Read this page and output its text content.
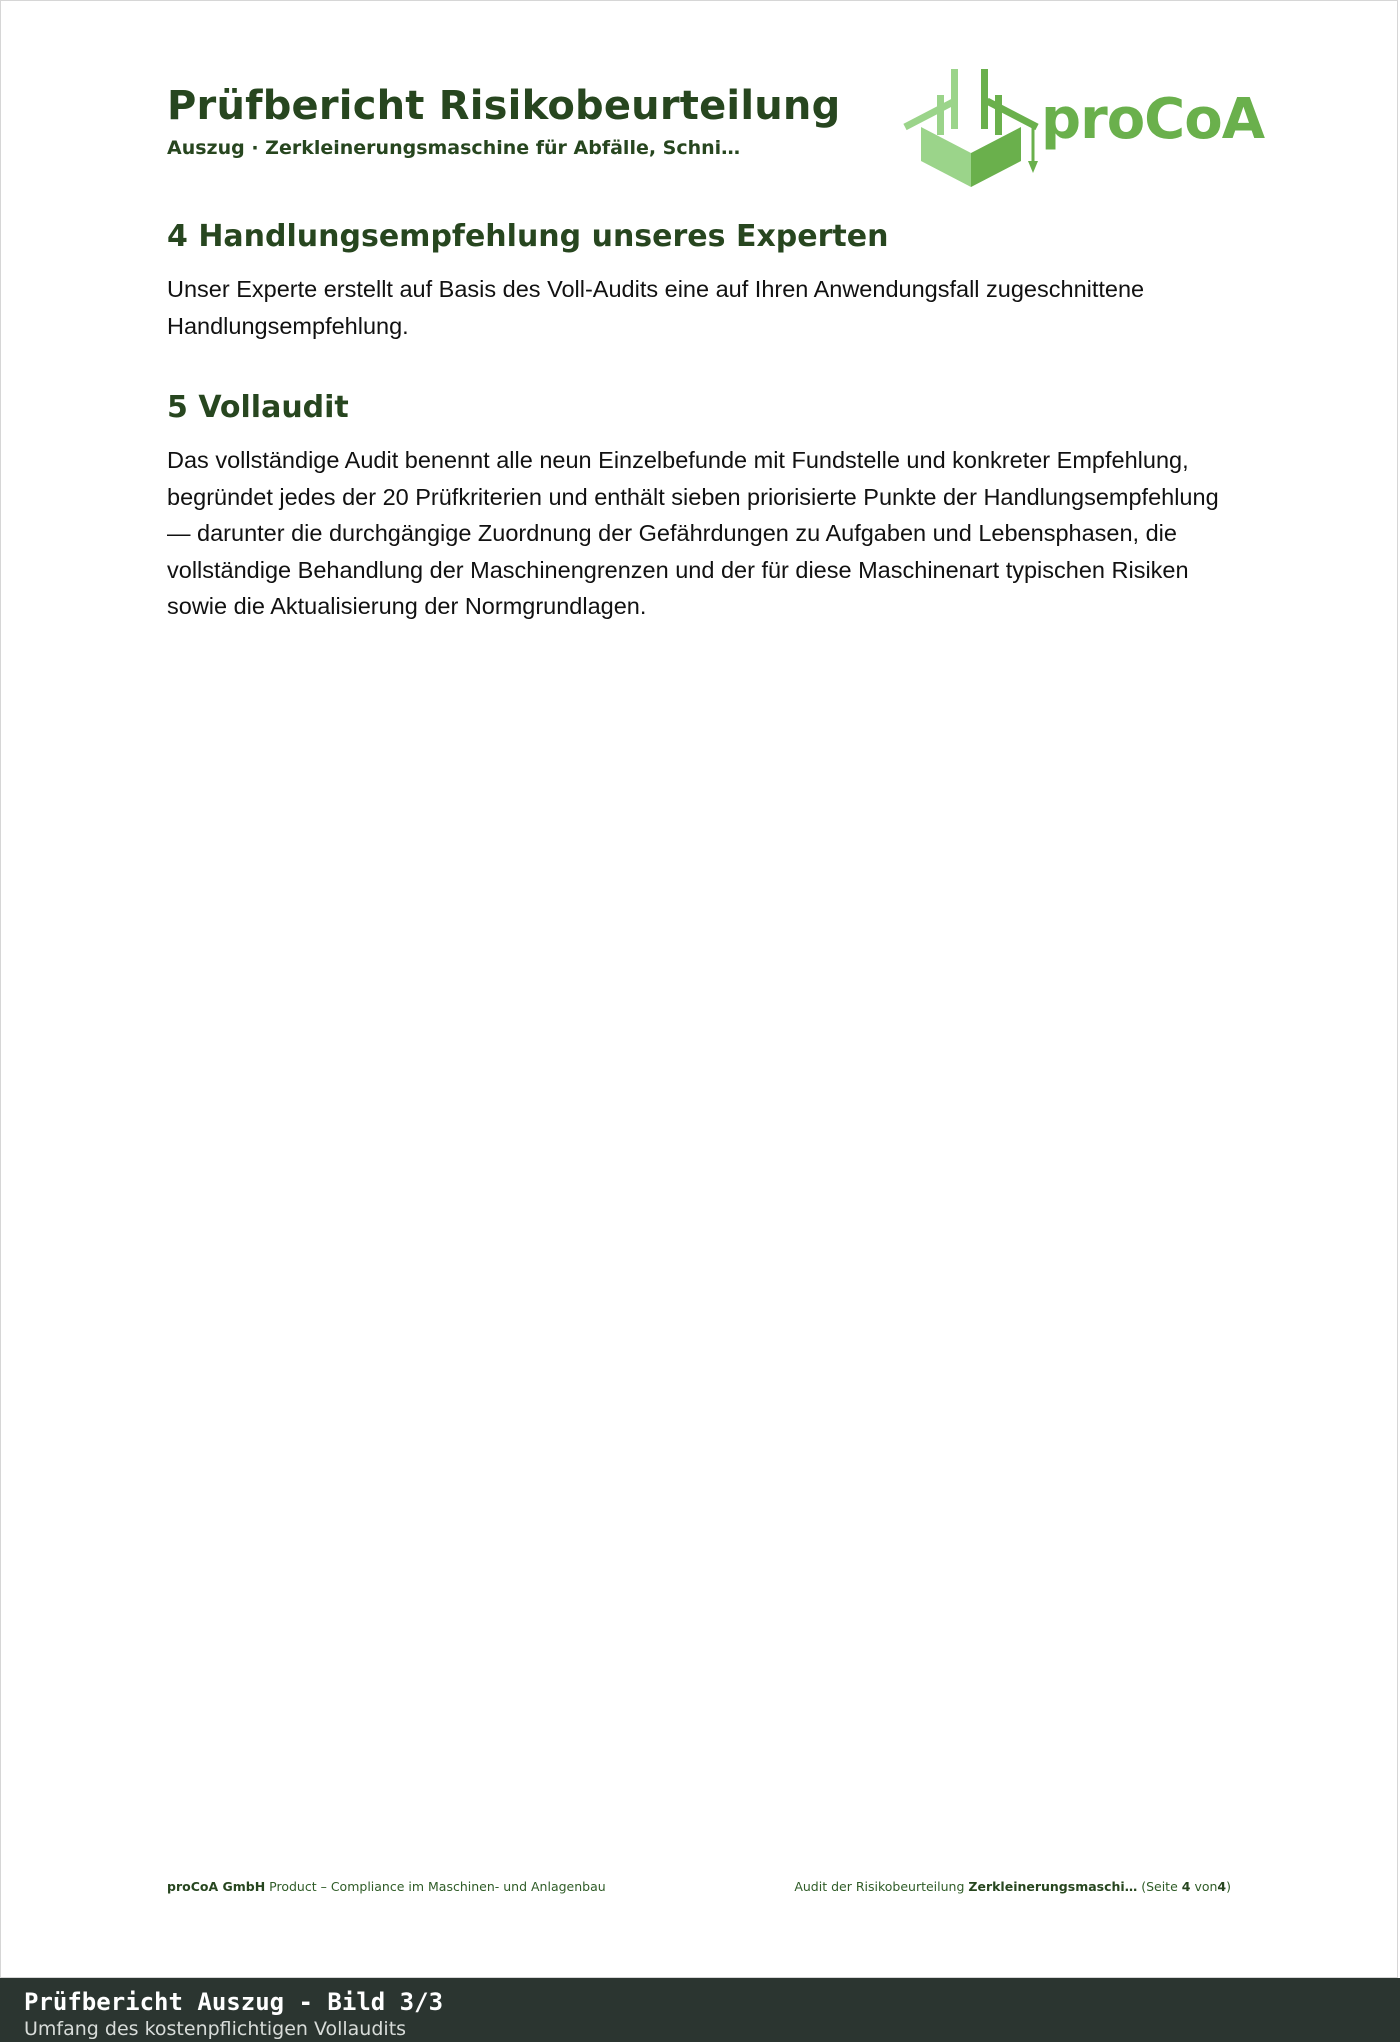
Prüfbericht Risikobeurteilung

Auszug · Zerkleinerungsmaschine für Abfälle, Schni…	proCoA
4 Handlungsempfehlung unseres Experten

Unser Experte erstellt auf Basis des Voll-Audits eine auf Ihren Anwendungsfall zugeschnittene Handlungsempfehlung.

5 Vollaudit

Das vollständige Audit benennt alle neun Einzelbefunde mit Fundstelle und konkreter Empfehlung, begründet jedes der 20 Prüfkriterien und enthält sieben priorisierte Punkte der Handlungsempfehlung — darunter die durchgängige Zuordnung der Gefährdungen zu Aufgaben und Lebensphasen, die vollständige Behandlung der Maschinengrenzen und der für diese Maschinenart typischen Risiken sowie die Aktualisierung der Normgrundlagen.

proCoA GmbH Product – Compliance im Maschinen- und Anlagenbau	Audit der Risikobeurteilung Zerkleinerungsmaschi… (Seite 4 von4)

Prüfbericht Auszug - Bild 3/3

Umfang des kostenpflichtigen Vollaudits
